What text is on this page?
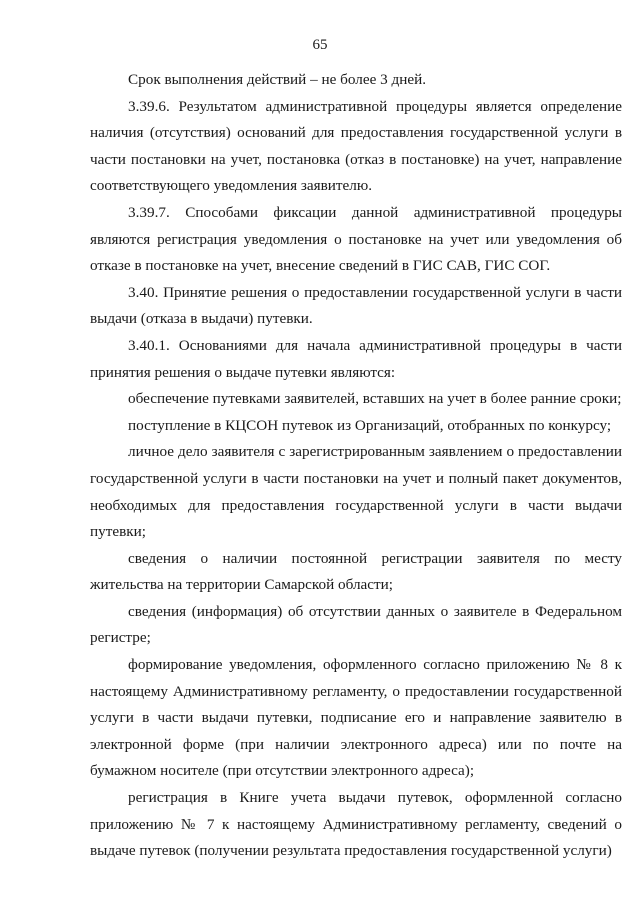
65

Срок выполнения действий – не более 3 дней.

3.39.6. Результатом административной процедуры является определение наличия (отсутствия) оснований для предоставления государственной услуги в части постановки на учет, постановка (отказ в постановке) на учет, направление соответствующего уведомления заявителю.

3.39.7. Способами фиксации данной административной процедуры являются регистрация уведомления о постановке на учет или уведомления об отказе в постановке на учет, внесение сведений в ГИС САВ, ГИС СОГ.

3.40. Принятие решения о предоставлении государственной услуги в части выдачи (отказа в выдачи) путевки.

3.40.1. Основаниями для начала административной процедуры в части принятия решения о выдаче путевки являются:

обеспечение путевками заявителей, вставших на учет в более ранние сроки;

поступление в КЦСОН путевок из Организаций, отобранных по конкурсу;

личное дело заявителя с зарегистрированным заявлением о предоставлении государственной услуги в части постановки на учет и полный пакет документов, необходимых для предоставления государственной услуги в части выдачи путевки;

сведения о наличии постоянной регистрации заявителя по месту жительства на территории Самарской области;

сведения (информация) об отсутствии данных о заявителе в Федеральном регистре;

формирование уведомления, оформленного согласно приложению № 8 к настоящему Административному регламенту, о предоставлении государственной услуги в части выдачи путевки, подписание его и направление заявителю в электронной форме (при наличии электронного адреса) или по почте на бумажном носителе (при отсутствии электронного адреса);

регистрация в Книге учета выдачи путевок, оформленной согласно приложению № 7 к настоящему Административному регламенту, сведений о выдаче путевок (получении результата предоставления государственной услуги)
